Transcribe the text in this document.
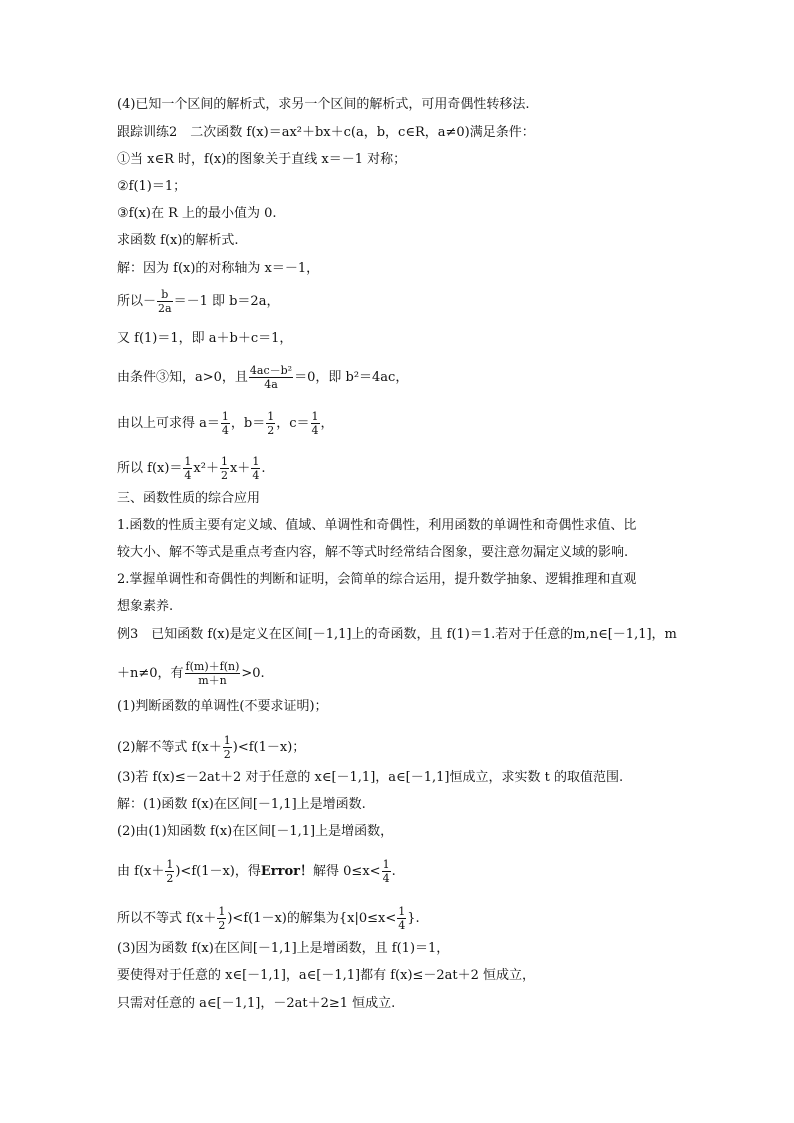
(4)已知一个区间的解析式，求另一个区间的解析式，可用奇偶性转移法.
跟踪训练2　二次函数 f(x)＝ax²＋bx＋c(a，b，c∈R，a≠0)满足条件：
①当 x∈R 时，f(x)的图象关于直线 x＝－1 对称；
②f(1)＝1；
③f(x)在 R 上的最小值为 0.
求函数 f(x)的解析式.
解：因为 f(x)的对称轴为 x＝－1，
所以－ $\frac{b}{2a} =-1$ 即 b＝2a，
又 f(1)＝1，即 a＋b＋c＝1，
由条件③知，a>0，且 $\frac{\text{4ac－b²}}{4a} =0$，即 b²＝4ac，
由以上可求得 $a= \frac{1}{4}$ ，$b= \frac{1}{2}$ ，$c= \frac{1}{4}$ ，
所以 $f(x)= \frac{1}{4} x^2+ \frac{1}{2} x+ \frac{1}{4}$ .
三、函数性质的综合应用
1.函数的性质主要有定义域、值域、单调性和奇偶性，利用函数的单调性和奇偶性求值、比
较大小、解不等式是重点考查内容，解不等式时经常结合图象，要注意勿漏定义域的影响.
2.掌握单调性和奇偶性的判断和证明，会简单的综合运用，提升数学抽象、逻辑推理和直观
想象素养.
例3　已知函数 f(x)是定义在区间[－1,1]上的奇函数，且 f(1)＝1.若对于任意的m,n∈[－1,1]，m
＋n≠0，有 $\frac{f(m)+f(n)}{m+n} >0$.
(1)判断函数的单调性(不要求证明)；
(2)解不等式 $f(x+ \frac{1}{2} )<f(1-x)$；
(3)若 f(x)≤－2at＋2 对于任意的 x∈[－1,1]，a∈[－1,1]恒成立，求实数 t 的取值范围.
解：(1)函数 f(x)在区间[－1,1]上是增函数.
(2)由(1)知函数 f(x)在区间[－1,1]上是增函数，
由 $f(x+ \frac{1}{2} )<f(1-x)$，得Error！解得 $0\le x< \frac{1}{4}$ .
所以不等式 $f(x+ \frac{1}{2} )<f(1-x)$的解集为{$x|0\le x< \frac{1}{4}$ }.
(3)因为函数 f(x)在区间[－1,1]上是增函数，且 f(1)＝1，
要使得对于任意的 x∈[－1,1]，a∈[－1,1]都有 f(x)≤－2at＋2 恒成立，
只需对任意的 a∈[－1,1]，－2at＋2≥1 恒成立.
